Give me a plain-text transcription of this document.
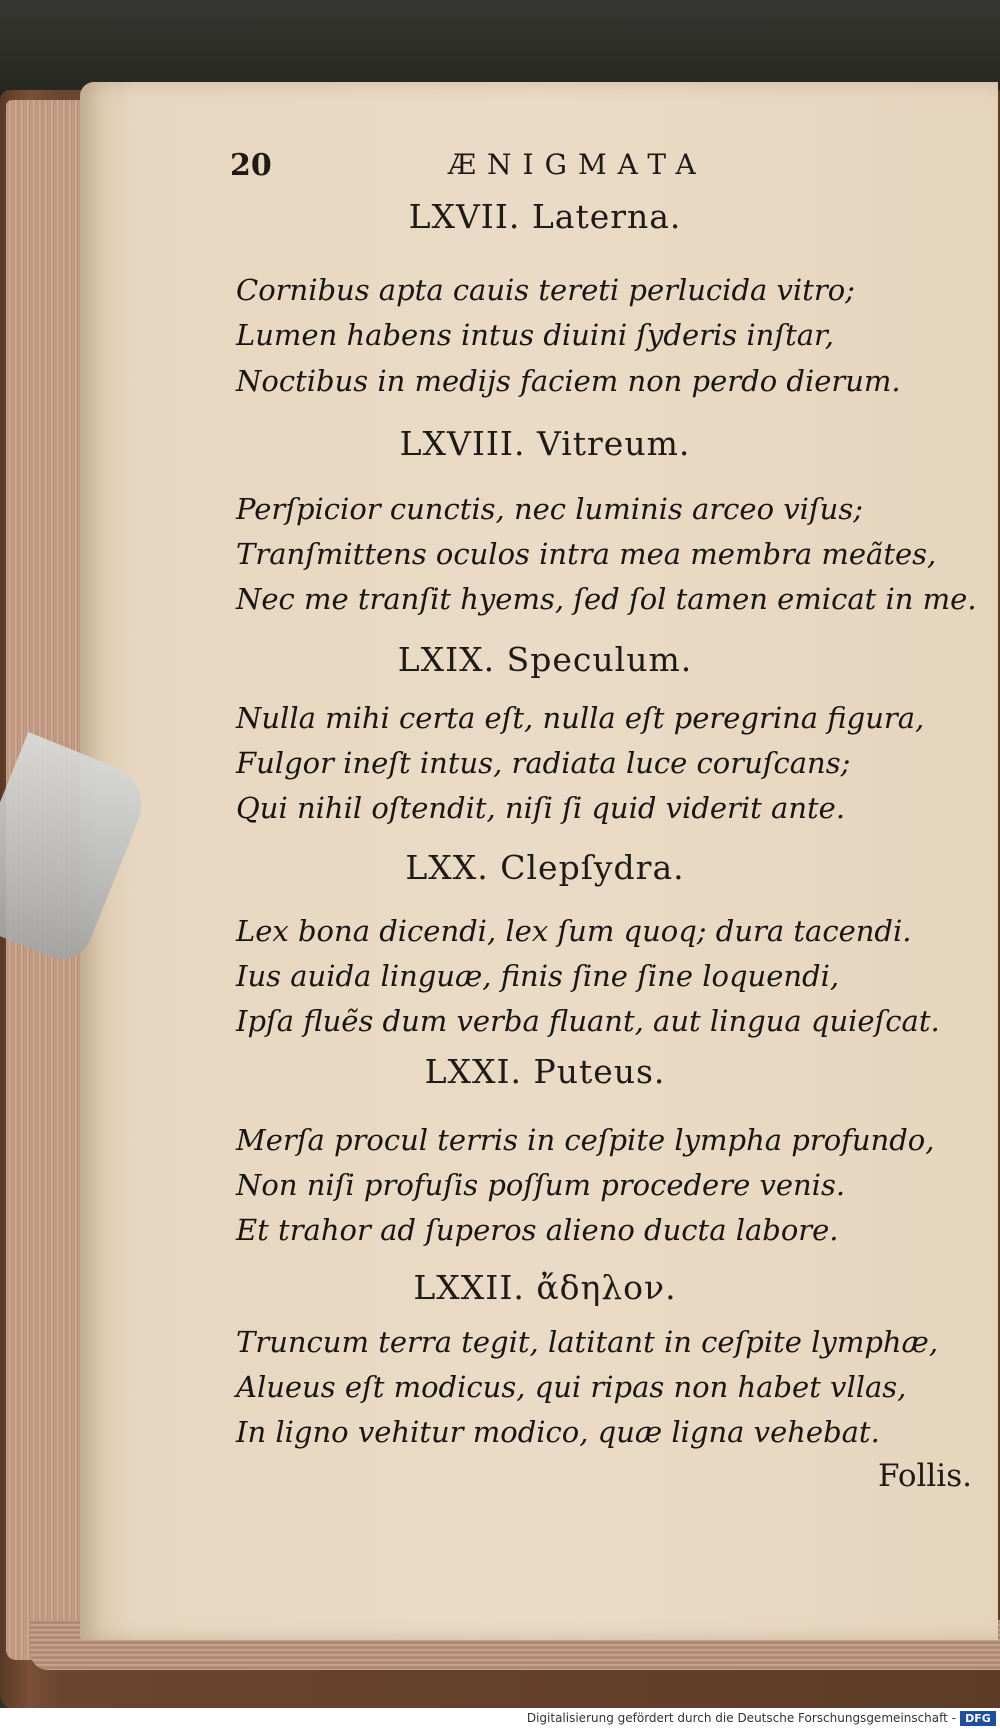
20	ÆNIGMATA
LXVII. Laterna.
Cornibus apta cauis tereti perlucida vitro;
Lumen habens intus diuini ſyderis inſtar,
Noctibus in medijs faciem non perdo dierum.
LXVIII. Vitreum.
Perſpicior cunctis, nec luminis arceo viſus;
Tranſmittens oculos intra mea membra meãtes,
Nec me tranſit hyems, ſed ſol tamen emicat in me.
LXIX. Speculum.
Nulla mihi certa eſt, nulla eſt peregrina figura,
Fulgor ineſt intus, radiata luce coruſcans;
Qui nihil oſtendit, niſi ſi quid viderit ante.
LXX. Clepſydra.
Lex bona dicendi, lex ſum quoq; dura tacendi.
Ius auida linguæ, finis ſine ſine loquendi,
Ipſa fluẽs dum verba fluant, aut lingua quieſcat.
LXXI. Puteus.
Merſa procul terris in ceſpite lympha profundo,
Non niſi profuſis poſſum procedere venis.
Et trahor ad ſuperos alieno ducta labore.
LXXII. ἄδηλον.
Truncum terra tegit, latitant in ceſpite lymphæ,
Alueus eſt modicus, qui ripas non habet vllas,
In ligno vehitur modico, quæ ligna vehebat.
Follis.
Digitalisierung gefördert durch die Deutsche Forschungsgemeinschaft - DFG
